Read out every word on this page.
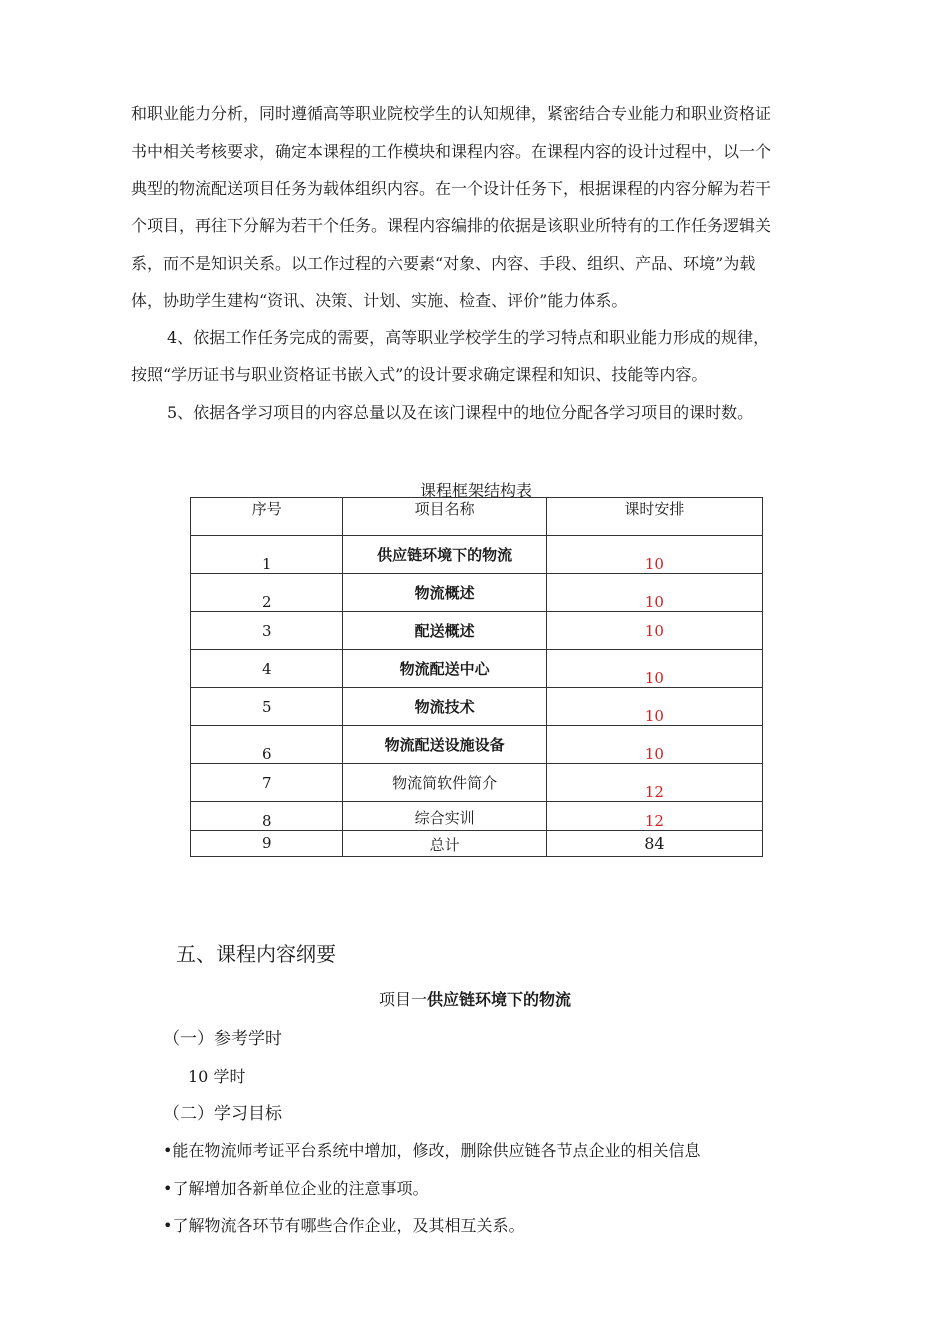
和职业能力分析，同时遵循高等职业院校学生的认知规律，紧密结合专业能力和职业资格证
书中相关考核要求，确定本课程的工作模块和课程内容。在课程内容的设计过程中，以一个
典型的物流配送项目任务为载体组织内容。在一个设计任务下，根据课程的内容分解为若干
个项目，再往下分解为若干个任务。课程内容编排的依据是该职业所特有的工作任务逻辑关
系，而不是知识关系。以工作过程的六要素“对象、内容、手段、组织、产品、环境”为载
体，协助学生建构“资讯、决策、计划、实施、检查、评价”能力体系。
4、依据工作任务完成的需要，高等职业学校学生的学习特点和职业能力形成的规律，
按照“学历证书与职业资格证书嵌入式”的设计要求确定课程和知识、技能等内容。
5、依据各学习项目的内容总量以及在该门课程中的地位分配各学习项目的课时数。
课程框架结构表
序号	项目名称	课时安排

1	供应链环境下的物流	10

2	物流概述	10

3	配送概述	10

4	物流配送中心	10

5	物流技术	10

6	物流配送设施设备	10

7	物流简软件简介	12

8	综合实训	12

9	总计	84
五、课程内容纲要
项目一供应链环境下的物流
（一）参考学时
10 学时
（二）学习目标
•能在物流师考证平台系统中增加，修改，删除供应链各节点企业的相关信息
•了解增加各新单位企业的注意事项。
•了解物流各环节有哪些合作企业，及其相互关系。
